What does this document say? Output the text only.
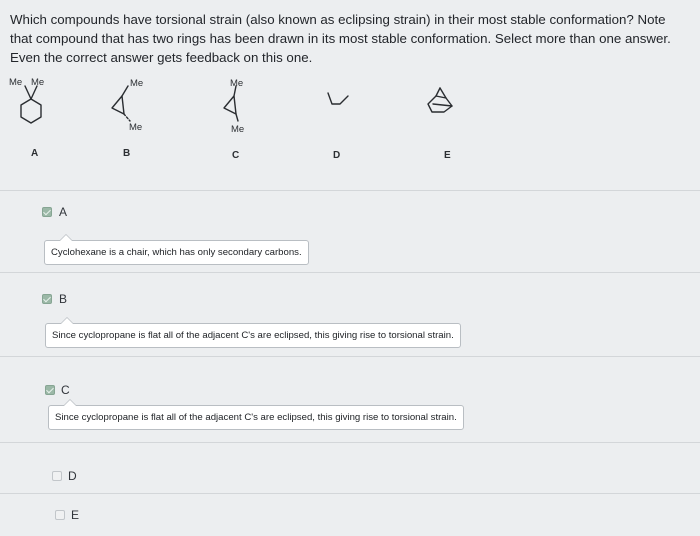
Which compounds have torsional strain (also known as eclipsing strain) in their most stable conformation? Note that compound that has two rings has been drawn in its most stable conformation. Select more than one answer. Even the correct answer gets feedback on this one.
Me Me	Me
Me
Me
Me
A	B	C	D	E
A
Cyclohexane is a chair, which has only secondary carbons.
B
Since cyclopropane is flat all of the adjacent C's are eclipsed, this giving rise to torsional strain.
C
Since cyclopropane is flat all of the adjacent C's are eclipsed, this giving rise to torsional strain.
D
E
